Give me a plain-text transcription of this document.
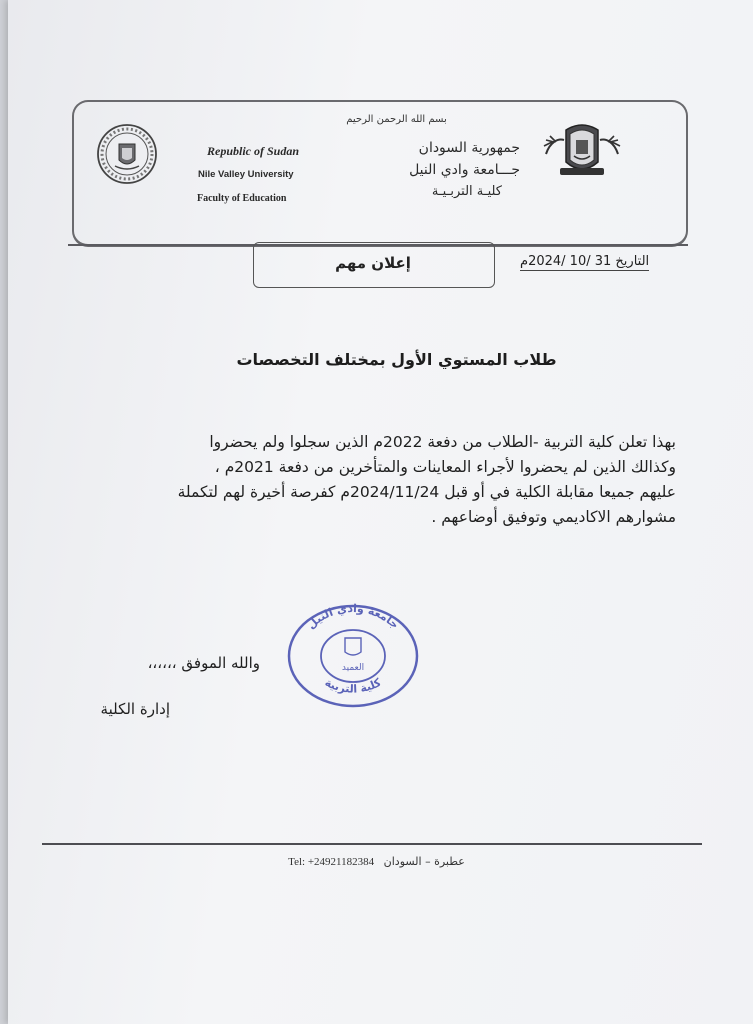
بسم الله الرحمن الرحيم
جمهورية السودان
جـــامعة وادي النيل
كليـة التربـيـة
Republic of Sudan
Nile Valley University
Faculty of Education
التاريخ 31 /10 /2024م
إعلان مهم
طلاب المستوي الأول بمختلف التخصصات
بهذا تعلن كلية التربية -الطلاب من دفعة 2022م الذين سجلوا ولم يحضروا
وكذالك الذين لم يحضروا لأجراء المعاينات والمتأخرين من دفعة 2021م ،
عليهم جميعا مقابلة الكلية في أو قبل 2024/11/24م كفرصة أخيرة لهم لتكملة
مشوارهم الاكاديمي وتوفيق أوضاعهم .
والله الموفق ،،،،،،
إدارة الكلية
جامعة وادي النيل
العميد
كلية التربية
Tel: +24921182384 عطبرة – السودان
